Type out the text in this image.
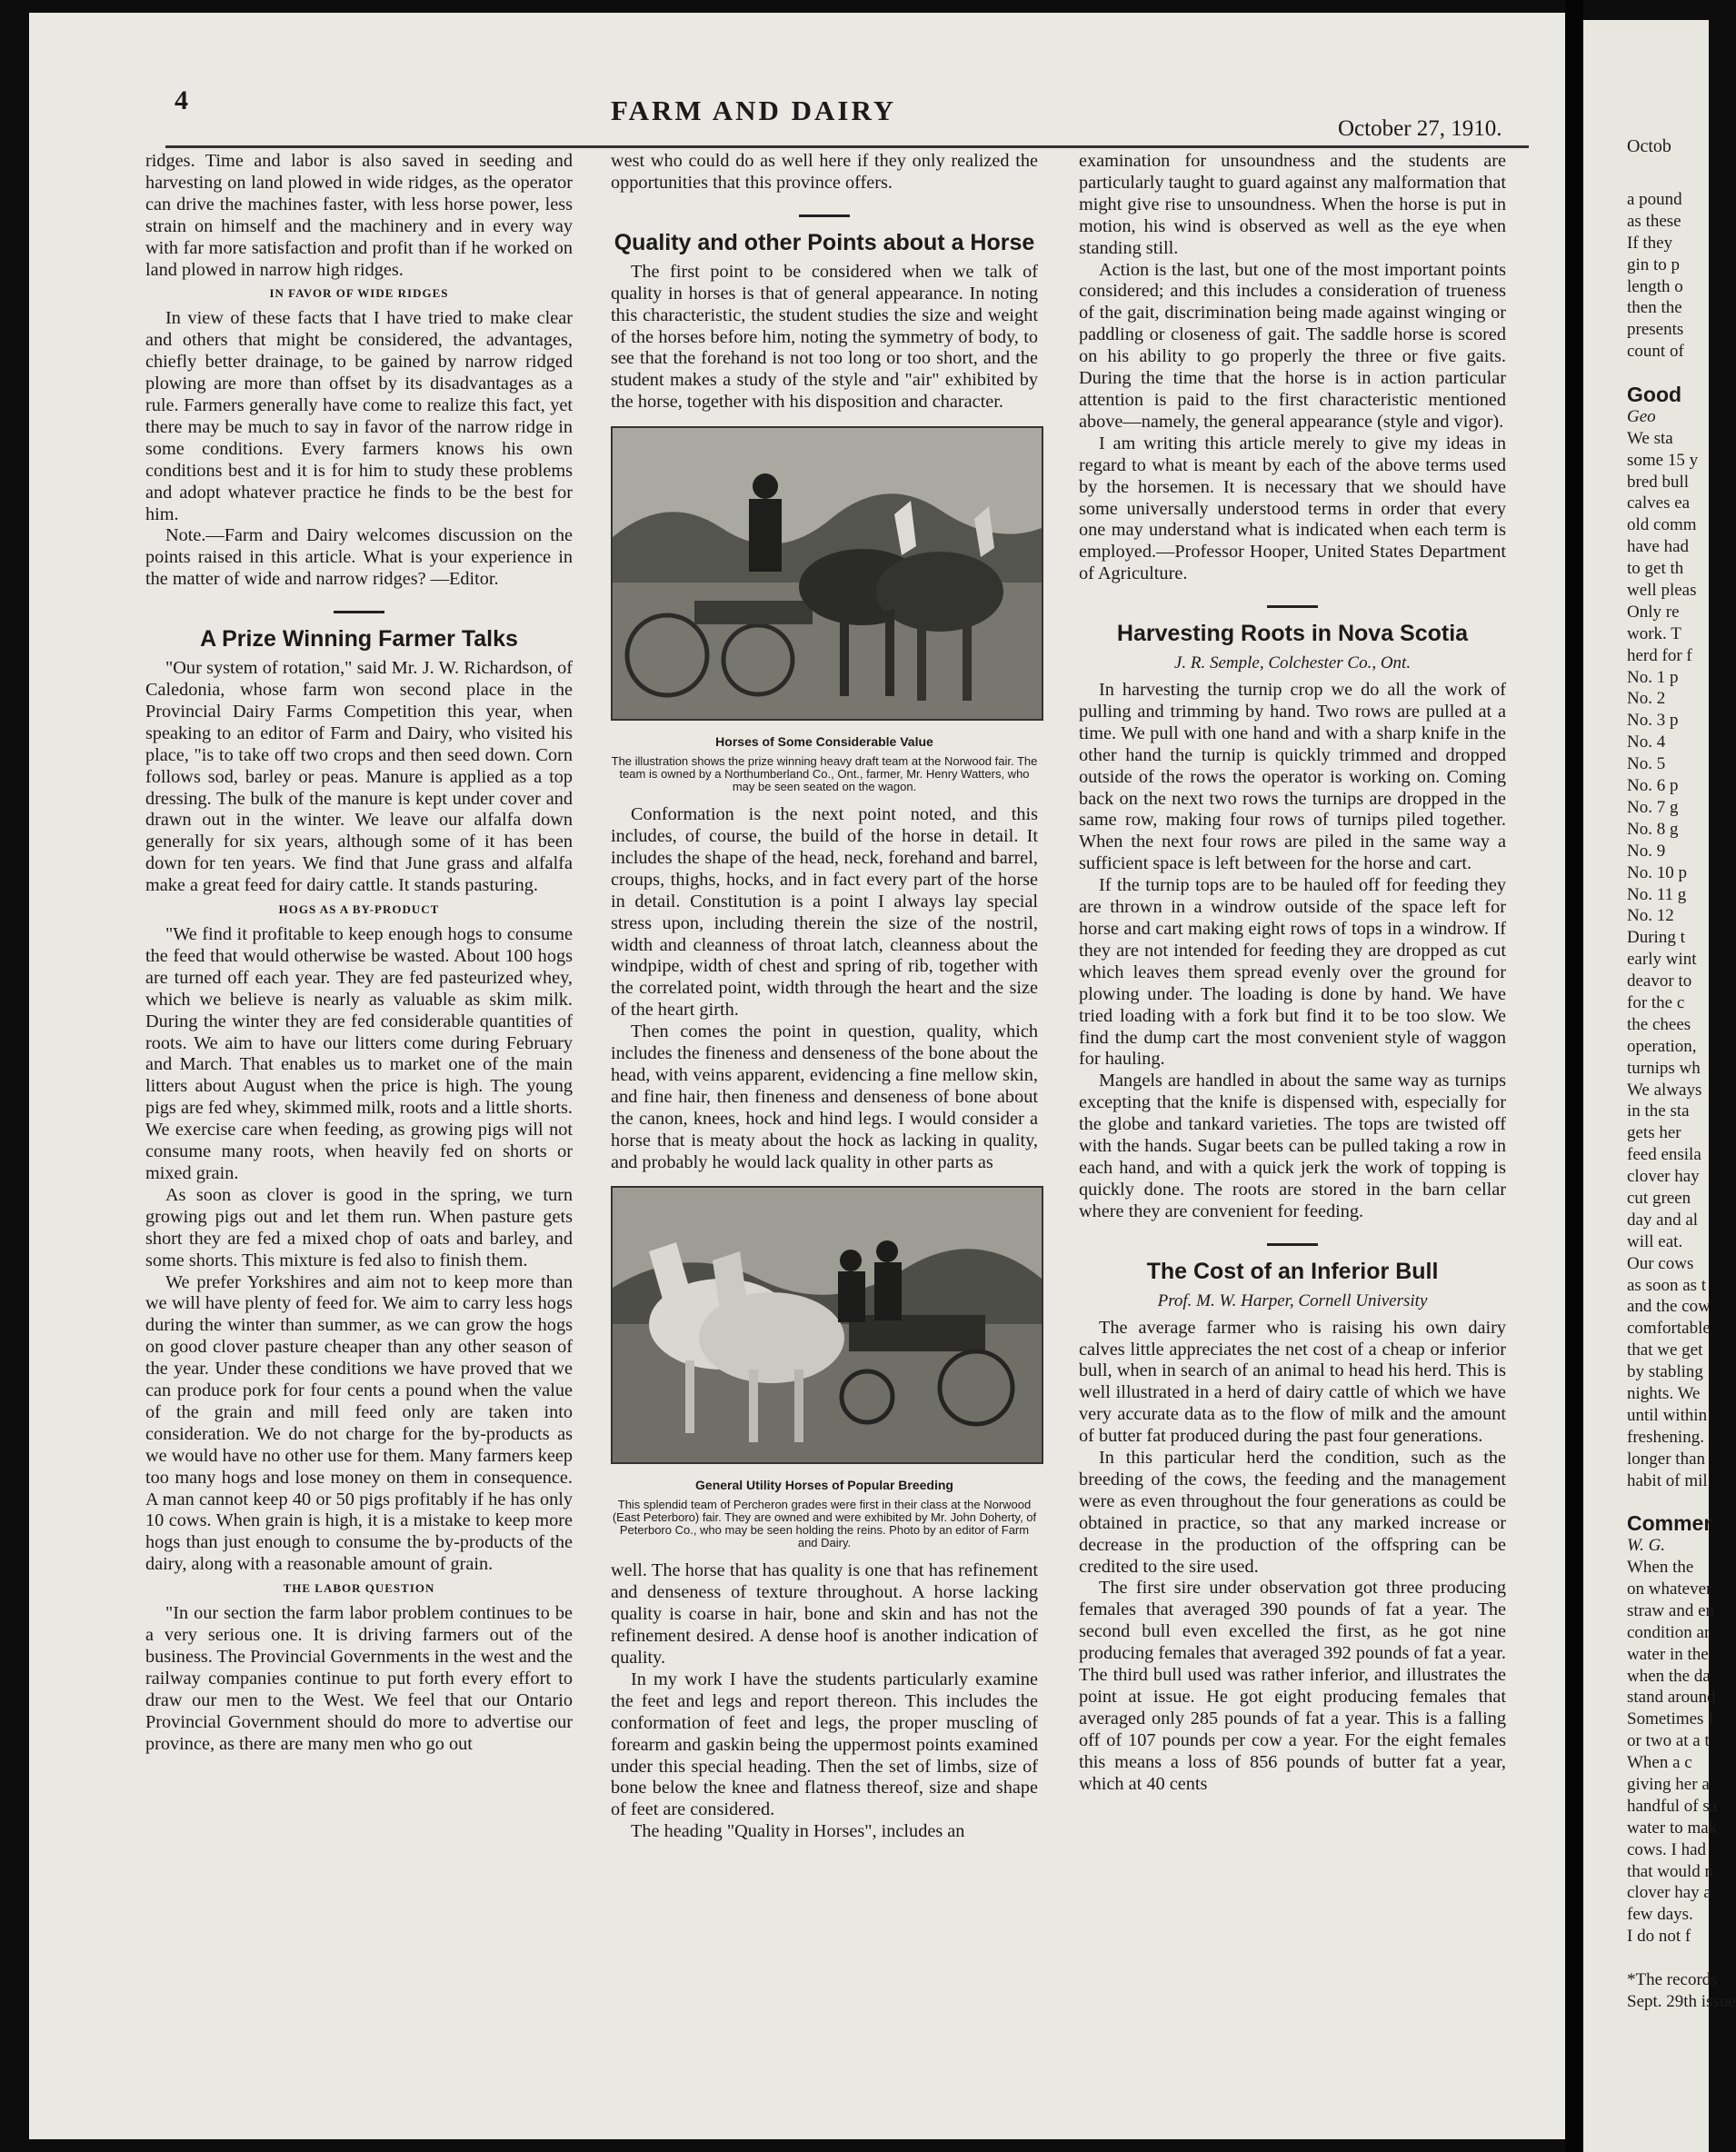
4	FARM AND DAIRY
October 27, 1910.

ridges. Time and labor is also saved in seeding and harvesting on land plowed in wide ridges, as the operator can drive the machines faster, with less horse power, less strain on himself and the machinery and in every way with far more satisfaction and profit than if he worked on land plowed in narrow high ridges.

IN FAVOR OF WIDE RIDGES

In view of these facts that I have tried to make clear and others that might be considered, the advantages, chiefly better drainage, to be gained by narrow ridged plowing are more than offset by its disadvantages as a rule. Farmers generally have come to realize this fact, yet there may be much to say in favor of the narrow ridge in some conditions. Every farmers knows his own conditions best and it is for him to study these problems and adopt whatever practice he finds to be the best for him.

Note.—Farm and Dairy welcomes discussion on the points raised in this article. What is your experience in the matter of wide and narrow ridges? —Editor.

A Prize Winning Farmer Talks

"Our system of rotation," said Mr. J. W. Richardson, of Caledonia, whose farm won second place in the Provincial Dairy Farms Competition this year, when speaking to an editor of Farm and Dairy, who visited his place, "is to take off two crops and then seed down. Corn follows sod, barley or peas. Manure is applied as a top dressing. The bulk of the manure is kept under cover and drawn out in the winter. We leave our alfalfa down generally for six years, although some of it has been down for ten years. We find that June grass and alfalfa make a great feed for dairy cattle. It stands pasturing.

HOGS AS A BY-PRODUCT

"We find it profitable to keep enough hogs to consume the feed that would otherwise be wasted. About 100 hogs are turned off each year. They are fed pasteurized whey, which we believe is nearly as valuable as skim milk. During the winter they are fed considerable quantities of roots. We aim to have our litters come during February and March. That enables us to market one of the main litters about August when the price is high. The young pigs are fed whey, skimmed milk, roots and a little shorts. We exercise care when feeding, as growing pigs will not consume many roots, when heavily fed on shorts or mixed grain.

As soon as clover is good in the spring, we turn growing pigs out and let them run. When pasture gets short they are fed a mixed chop of oats and barley, and some shorts. This mixture is fed also to finish them.

We prefer Yorkshires and aim not to keep more than we will have plenty of feed for. We aim to carry less hogs during the winter than summer, as we can grow the hogs on good clover pasture cheaper than any other season of the year. Under these conditions we have proved that we can produce pork for four cents a pound when the value of the grain and mill feed only are taken into consideration. We do not charge for the by-products as we would have no other use for them. Many farmers keep too many hogs and lose money on them in consequence. A man cannot keep 40 or 50 pigs profitably if he has only 10 cows. When grain is high, it is a mistake to keep more hogs than just enough to consume the by-products of the dairy, along with a reasonable amount of grain.

THE LABOR QUESTION

"In our section the farm labor problem continues to be a very serious one. It is driving farmers out of the business. The Provincial Governments in the west and the railway companies continue to put forth every effort to draw our men to the West. We feel that our Ontario Provincial Government should do more to advertise our province, as there are many men who go out

west who could do as well here if they only realized the opportunities that this province offers.

Quality and other Points about a Horse

The first point to be considered when we talk of quality in horses is that of general appearance. In noting this characteristic, the student studies the size and weight of the horses before him, noting the symmetry of body, to see that the forehand is not too long or too short, and the student makes a study of the style and "air" exhibited by the horse, together with his disposition and character.

Horses of Some Considerable Value
The illustration shows the prize winning heavy draft team at the Norwood fair. The team is owned by a Northumberland Co., Ont., farmer, Mr. Henry Watters, who may be seen seated on the wagon.

Conformation is the next point noted, and this includes, of course, the build of the horse in detail. It includes the shape of the head, neck, forehand and barrel, croups, thighs, hocks, and in fact every part of the horse in detail. Constitution is a point I always lay special stress upon, including therein the size of the nostril, width and cleanness of throat latch, cleanness about the windpipe, width of chest and spring of rib, together with the correlated point, width through the heart and the size of the heart girth.

Then comes the point in question, quality, which includes the fineness and denseness of the bone about the head, with veins apparent, evidencing a fine mellow skin, and fine hair, then fineness and denseness of bone about the canon, knees, hock and hind legs. I would consider a horse that is meaty about the hock as lacking in quality, and probably he would lack quality in other parts as

General Utility Horses of Popular Breeding
This splendid team of Percheron grades were first in their class at the Norwood (East Peterboro) fair. They are owned and were exhibited by Mr. John Doherty, of Peterboro Co., who may be seen holding the reins. Photo by an editor of Farm and Dairy.

well. The horse that has quality is one that has refinement and denseness of texture throughout. A horse lacking quality is coarse in hair, bone and skin and has not the refinement desired. A dense hoof is another indication of quality.

In my work I have the students particularly examine the feet and legs and report thereon. This includes the conformation of feet and legs, the proper muscling of forearm and gaskin being the uppermost points examined under this special heading. Then the set of limbs, size of bone below the knee and flatness thereof, size and shape of feet are considered.

The heading "Quality in Horses", includes an

examination for unsoundness and the students are particularly taught to guard against any malformation that might give rise to unsoundness. When the horse is put in motion, his wind is observed as well as the eye when standing still.

Action is the last, but one of the most important points considered; and this includes a consideration of trueness of the gait, discrimination being made against winging or paddling or closeness of gait. The saddle horse is scored on his ability to go properly the three or five gaits. During the time that the horse is in action particular attention is paid to the first characteristic mentioned above—namely, the general appearance (style and vigor).

I am writing this article merely to give my ideas in regard to what is meant by each of the above terms used by the horsemen. It is necessary that we should have some universally understood terms in order that every one may understand what is indicated when each term is employed.—Professor Hooper, United States Department of Agriculture.

Harvesting Roots in Nova Scotia
J. R. Semple, Colchester Co., Ont.

In harvesting the turnip crop we do all the work of pulling and trimming by hand. Two rows are pulled at a time. We pull with one hand and with a sharp knife in the other hand the turnip is quickly trimmed and dropped outside of the rows the operator is working on. Coming back on the next two rows the turnips are dropped in the same row, making four rows of turnips piled together. When the next four rows are piled in the same way a sufficient space is left between for the horse and cart.

If the turnip tops are to be hauled off for feeding they are thrown in a windrow outside of the space left for horse and cart making eight rows of tops in a windrow. If they are not intended for feeding they are dropped as cut which leaves them spread evenly over the ground for plowing under. The loading is done by hand. We have tried loading with a fork but find it to be too slow. We find the dump cart the most convenient style of waggon for hauling.

Mangels are handled in about the same way as turnips excepting that the knife is dispensed with, especially for the globe and tankard varieties. The tops are twisted off with the hands. Sugar beets can be pulled taking a row in each hand, and with a quick jerk the work of topping is quickly done. The roots are stored in the barn cellar where they are convenient for feeding.

The Cost of an Inferior Bull
Prof. M. W. Harper, Cornell University

The average farmer who is raising his own dairy calves little appreciates the net cost of a cheap or inferior bull, when in search of an animal to head his herd. This is well illustrated in a herd of dairy cattle of which we have very accurate data as to the flow of milk and the amount of butter fat produced during the past four generations.

In this particular herd the condition, such as the breeding of the cows, the feeding and the management were as even throughout the four generations as could be obtained in practice, so that any marked increase or decrease in the production of the offspring can be credited to the sire used.

The first sire under observation got three producing females that averaged 390 pounds of fat a year. The second bull even excelled the first, as he got nine producing females that averaged 392 pounds of fat a year. The third bull used was rather inferior, and illustrates the point at issue. He got eight producing females that averaged only 285 pounds of fat a year. This is a falling off of 107 pounds per cow a year. For the eight females this means a loss of 856 pounds of butter fat a year, which at 40 cents

Octob
a pound
as these
If they
gin to p
length o
then the
presents
count of
Good
Geo
We sta
some 15 y
bred bull
calves ea
old comm
have had
to get th
well pleas
Only re
work. T
herd for f
No. 1 p
No. 2
No. 3 p
No. 4
No. 5
No. 6 p
No. 7 g
No. 8 g
No. 9
No. 10 p
No. 11 g
No. 12
During t
early wint
deavor to
for the c
the chees
operation,
turnips wh
We always
in the sta
gets her
feed ensila
clover hay
cut green
day and al
will eat.
Our cows
as soon as t
and the cow
comfortable
that we get
by stabling
nights. We
until within
freshening.
longer than
habit of mil
Commer
W. G.
When the
on whatever
straw and en
condition ar
water in the
when the da
stand around
Sometimes I
or two at a t
When a c
giving her a
handful of sa
water to mak
cows. I had
that would n
clover hay a
few days.
I do not f
*The records
Sept. 29th issue
